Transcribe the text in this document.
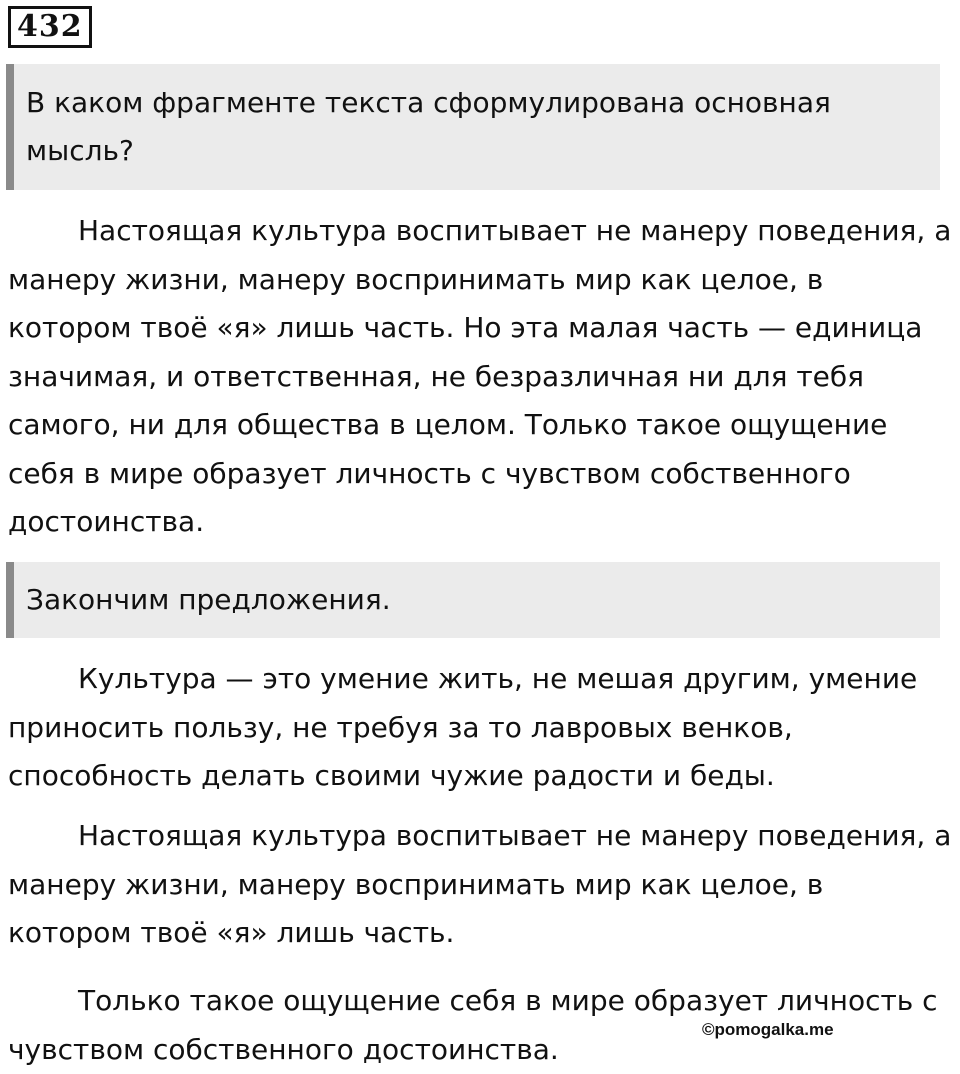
432
В каком фрагменте текста сформулирована основная мысль?

Настоящая культура воспитывает не манеру поведения, а манеру жизни, манеру воспринимать мир как целое, в котором твоё «я» лишь часть. Но эта малая часть — единица значимая, и ответственная, не безразличная ни для тебя самого, ни для общества в целом. Только такое ощущение себя в мире образует личность с чувством собственного достоинства.

Закончим предложения.

Культура — это умение жить, не мешая другим, умение приносить пользу, не требуя за то лавровых венков, способность делать своими чужие радости и беды.

Настоящая культура воспитывает не манеру поведения, а манеру жизни, манеру воспринимать мир как целое, в котором твоё «я» лишь часть.

Только такое ощущение себя в мире образует личность с чувством собственного достоинства.

©pomogalka.me
